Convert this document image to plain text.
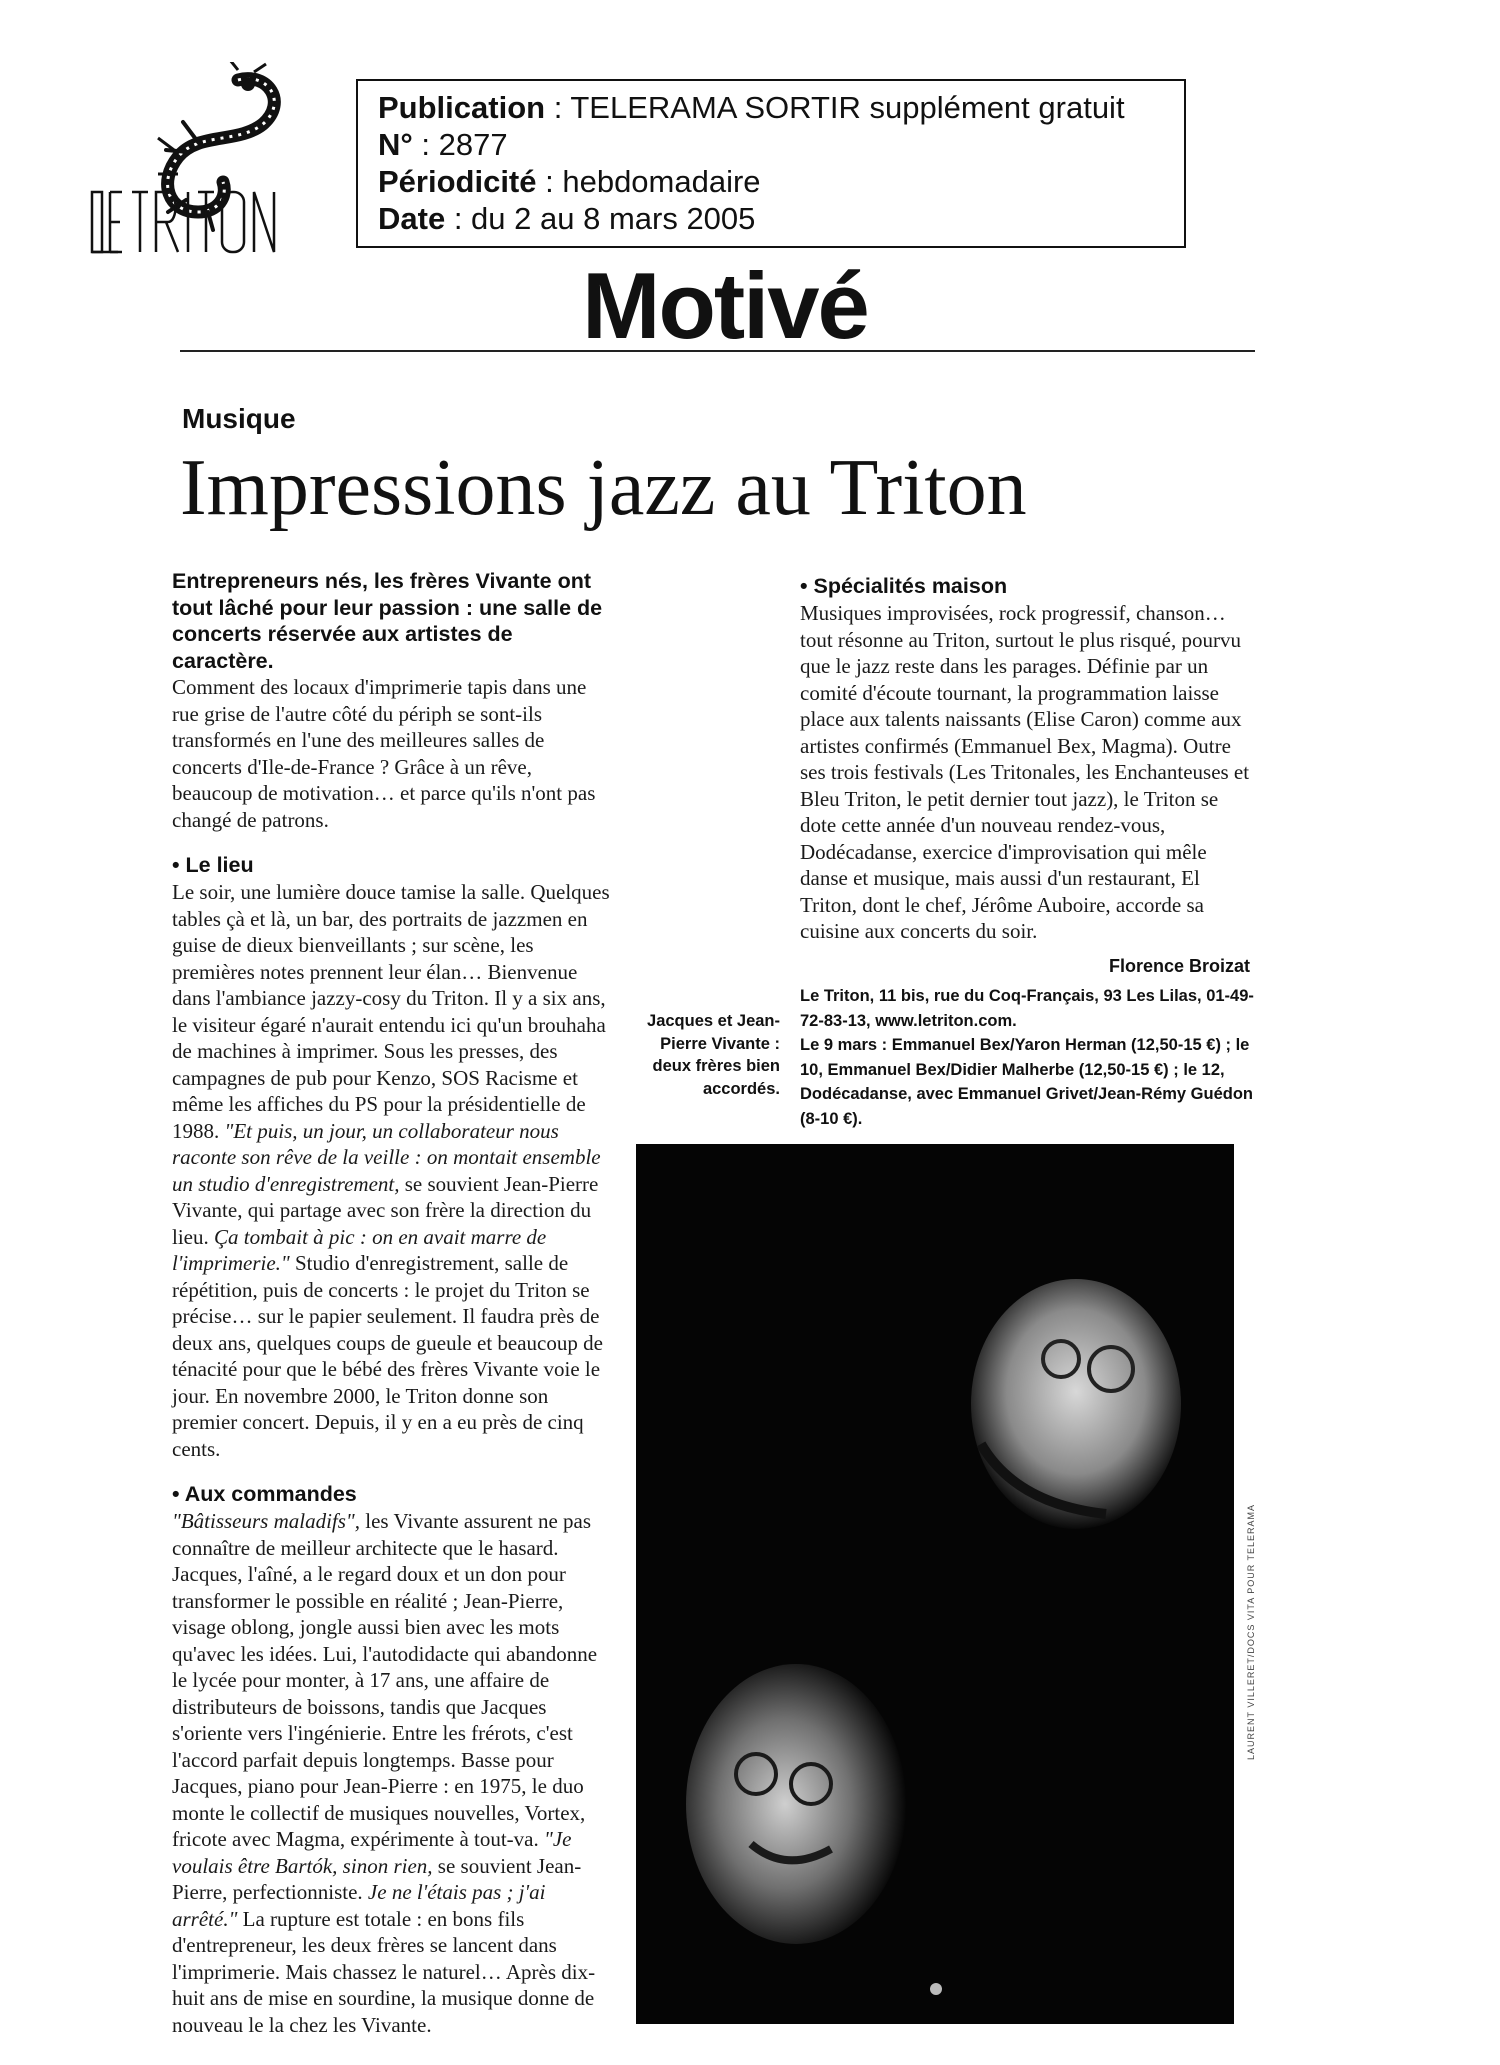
Publication : TELERAMA SORTIR supplément gratuit
N° : 2877
Périodicité : hebdomadaire
Date : du 2 au 8 mars 2005
Motivé
Musique
Impressions jazz au Triton

Entrepreneurs nés, les frères Vivante ont tout lâché pour leur passion : une salle de concerts réservée aux artistes de caractère.

Comment des locaux d'imprimerie tapis dans une rue grise de l'autre côté du périph se sont-ils transformés en l'une des meilleures salles de concerts d'Ile-de-France ? Grâce à un rêve, beaucoup de motivation… et parce qu'ils n'ont pas changé de patrons.

• Le lieu

Le soir, une lumière douce tamise la salle. Quelques tables çà et là, un bar, des portraits de jazzmen en guise de dieux bienveillants ; sur scène, les premières notes prennent leur élan… Bienvenue dans l'ambiance jazzy-cosy du Triton. Il y a six ans, le visiteur égaré n'aurait entendu ici qu'un brouhaha de machines à imprimer. Sous les presses, des campagnes de pub pour Kenzo, SOS Racisme et même les affiches du PS pour la présidentielle de 1988. "Et puis, un jour, un collaborateur nous raconte son rêve de la veille : on montait ensemble un studio d'enregistrement, se souvient Jean-Pierre Vivante, qui partage avec son frère la direction du lieu. Ça tombait à pic : on en avait marre de l'imprimerie." Studio d'enregistrement, salle de répétition, puis de concerts : le projet du Triton se précise… sur le papier seulement. Il faudra près de deux ans, quelques coups de gueule et beaucoup de ténacité pour que le bébé des frères Vivante voie le jour. En novembre 2000, le Triton donne son premier concert. Depuis, il y en a eu près de cinq cents.

• Aux commandes

"Bâtisseurs maladifs", les Vivante assurent ne pas connaître de meilleur architecte que le hasard. Jacques, l'aîné, a le regard doux et un don pour transformer le possible en réalité ; Jean-Pierre, visage oblong, jongle aussi bien avec les mots qu'avec les idées. Lui, l'autodidacte qui abandonne le lycée pour monter, à 17 ans, une affaire de distributeurs de boissons, tandis que Jacques s'oriente vers l'ingénierie. Entre les frérots, c'est l'accord parfait depuis longtemps. Basse pour Jacques, piano pour Jean-Pierre : en 1975, le duo monte le collectif de musiques nouvelles, Vortex, fricote avec Magma, expérimente à tout-va. "Je voulais être Bartók, sinon rien, se souvient Jean-Pierre, perfectionniste. Je ne l'étais pas ; j'ai arrêté." La rupture est totale : en bons fils d'entrepreneur, les deux frères se lancent dans l'imprimerie. Mais chassez le naturel… Après dix-huit ans de mise en sourdine, la musique donne de nouveau le la chez les Vivante.

• Spécialités maison

Musiques improvisées, rock progressif, chanson… tout résonne au Triton, surtout le plus risqué, pourvu que le jazz reste dans les parages. Définie par un comité d'écoute tournant, la programmation laisse place aux talents naissants (Elise Caron) comme aux artistes confirmés (Emmanuel Bex, Magma). Outre ses trois festivals (Les Tritonales, les Enchanteuses et Bleu Triton, le petit dernier tout jazz), le Triton se dote cette année d'un nouveau rendez-vous, Dodécadanse, exercice d'improvisation qui mêle danse et musique, mais aussi d'un restaurant, El Triton, dont le chef, Jérôme Auboire, accorde sa cuisine aux concerts du soir.

Florence Broizat
Le Triton, 11 bis, rue du Coq-Français, 93 Les Lilas, 01-49-72-83-13, www.letriton.com.
Le 9 mars : Emmanuel Bex/Yaron Herman (12,50-15 €) ; le 10, Emmanuel Bex/Didier Malherbe (12,50-15 €) ; le 12, Dodécadanse, avec Emmanuel Grivet/Jean-Rémy Guédon (8-10 €).
Jacques et Jean-Pierre Vivante : deux frères bien accordés.
LAURENT VILLERET/DOCS VITA POUR TELERAMA
